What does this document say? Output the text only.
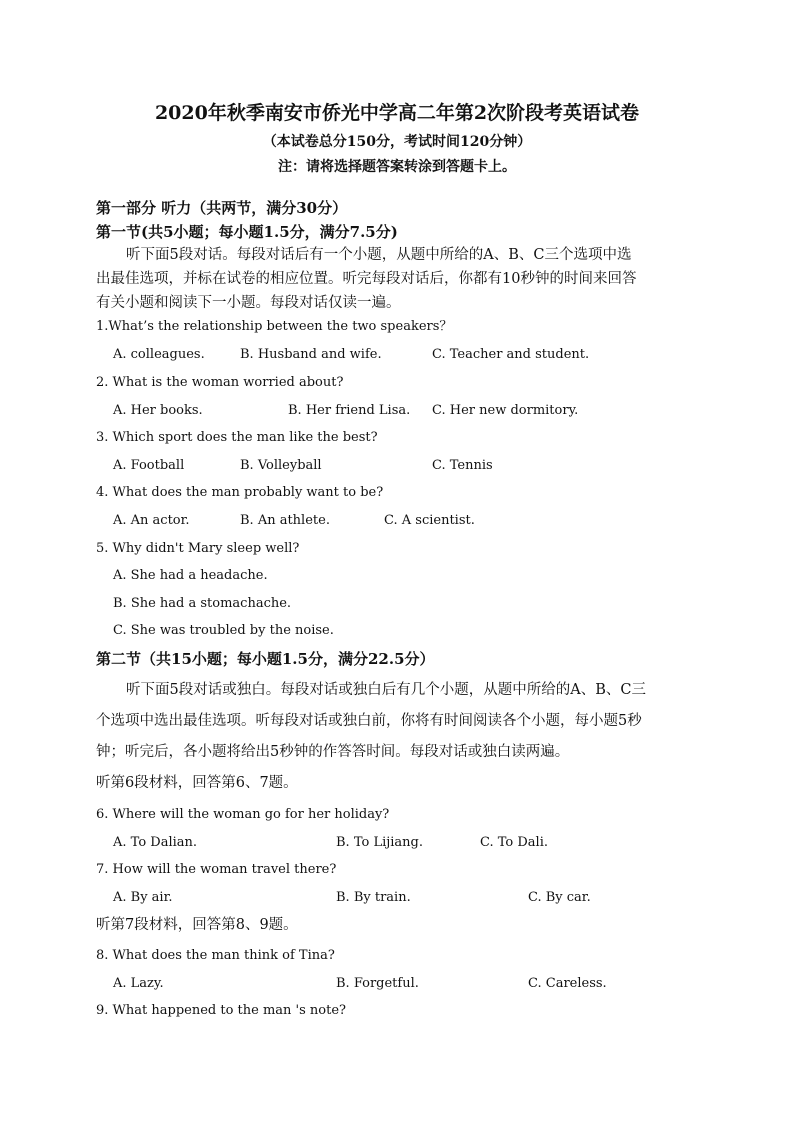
2020年秋季南安市侨光中学高二年第2次阶段考英语试卷
（本试卷总分150分，考试时间120分钟）
注：请将选择题答案转涂到答题卡上。
第一部分 听力（共两节，满分30分）
第一节(共5小题；每小题1.5分，满分7.5分)
听下面5段对话。每段对话后有一个小题，从题中所给的A、B、C三个选项中选
出最佳选项，并标在试卷的相应位置。听完每段对话后，你都有10秒钟的时间来回答
有关小题和阅读下一小题。每段对话仅读一遍。
1.What’s the relationship between the two speakers？
A. colleagues.	B. Husband and wife.	C. Teacher and student.
2. What is the woman worried about?
A. Her books.	B. Her friend Lisa. C. Her new dormitory.
3. Which sport does the man like the best?
A. Football	B. Volleyball	C. Tennis
4. What does the man probably want to be?
A. An actor.	B. An athlete.	C. A scientist.
5. Why didn't Mary sleep well?
A. She had a headache.
B. She had a stomachache.
C. She was troubled by the noise.
第二节（共15小题；每小题1.5分，满分22.5分）
听下面5段对话或独白。每段对话或独白后有几个小题，从题中所给的A、B、C三
个选项中选出最佳选项。听每段对话或独白前，你将有时间阅读各个小题，每小题5秒
钟；听完后，各小题将给出5秒钟的作答答时间。每段对话或独白读两遍。
听第6段材料，回答第6、7题。
6. Where will the woman go for her holiday?
A. To Dalian.	B. To Lijiang.	C. To Dali.
7. How will the woman travel there?
A. By air.	B. By train.	C. By car.
听第7段材料，回答第8、9题。
8. What does the man think of Tina?
A. Lazy.	B. Forgetful.	C. Careless.
9. What happened to the man 's note?
